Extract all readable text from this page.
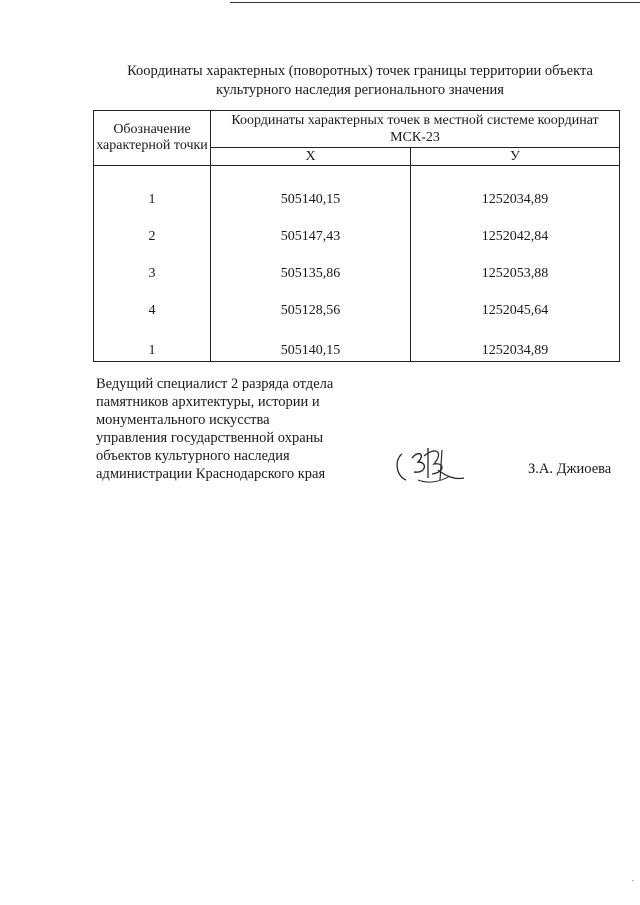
Координаты характерных (поворотных) точек границы территории объекта
культурного наследия регионального значения
Обозначение характерной точки	Координаты характерных точек в местной системе координат МСК-23	
	X	У
1	505140,15	1252034,89
2	505147,43	1252042,84
3	505135,86	1252053,88
4	505128,56	1252045,64
1	505140,15	1252034,89
Ведущий специалист 2 разряда отдела
памятников архитектуры, истории и
монументального искусства
управления государственной охраны
объектов культурного наследия
администрации Краснодарского края	З.А. Джиоева
.
